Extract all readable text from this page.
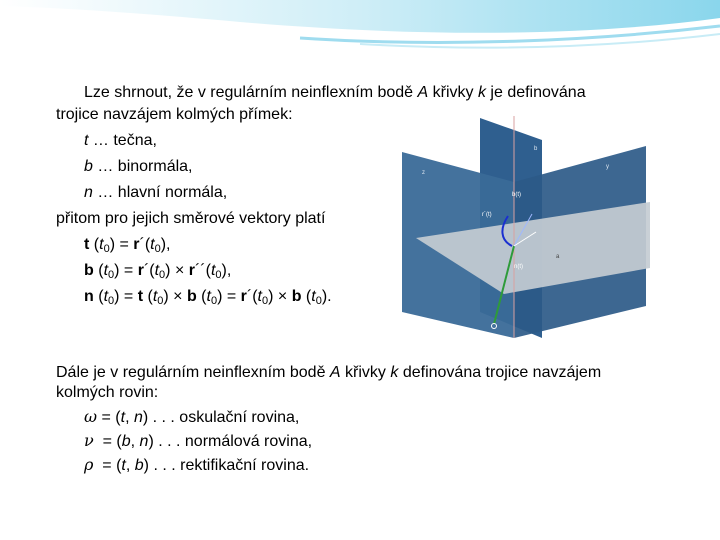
Lze shrnout, že v regulárním neinflexním bodě A křivky k je definována
trojice navzájem kolmých přímek:
t … tečna,
b … binormála,
n … hlavní normála,
přitom pro jejich směrové vektory platí
t $(t_0)$ = $r´(t_0)$,
b $(t_0)$ = $r´(t_0)$ × $r´´(t_0)$,
n $(t_0) = t$ $(t_0) \times b$ $(t_0)$ = $r´(t_0) \times b$ $(t_0)$.
b
b(t)
r´(t)
n(t)
z
y
a
Dále je v regulárním neinflexním bodě A křivky k definována trojice navzájem
kolmých rovin:
ω = (t, n) . . . oskulační rovina,
ν  = (b, n) . . . normálová rovina,
ρ  = (t, b) . . . rektifikační rovina.
